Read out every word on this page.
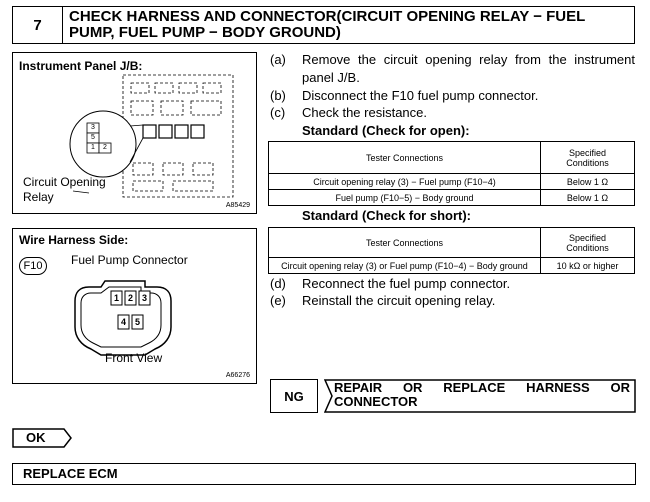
7	CHECK HARNESS AND CONNECTOR(CIRCUIT OPENING RELAY − FUEL PUMP, FUEL PUMP − BODY GROUND)
Instrument Panel J/B:
3
5
1	2
Circuit Opening
Relay
A85429
Wire Harness Side:
F10	Fuel Pump Connector
1 2 3
4 5
Front View
A66276
(a) Remove the circuit opening relay from the instrument
panel J/B.
(b) Disconnect the F10 fuel pump connector.
(c) Check the resistance.
Standard (Check for open):
Tester Connections	Specified
Conditions

Circuit opening relay (3) − Fuel pump (F10−4)	Below 1 Ω
Fuel pump (F10−5) − Body ground	Below 1 Ω
Standard (Check for short):
Tester Connections	Specified
Conditions

Circuit opening relay (3) or Fuel pump (F10−4) − Body ground	10 kΩ or higher
(d) Reconnect the fuel pump connector.
(e) Reinstall the circuit opening relay.
NG
REPAIR OR REPLACE HARNESS OR
CONNECTOR
OK
REPLACE ECM
